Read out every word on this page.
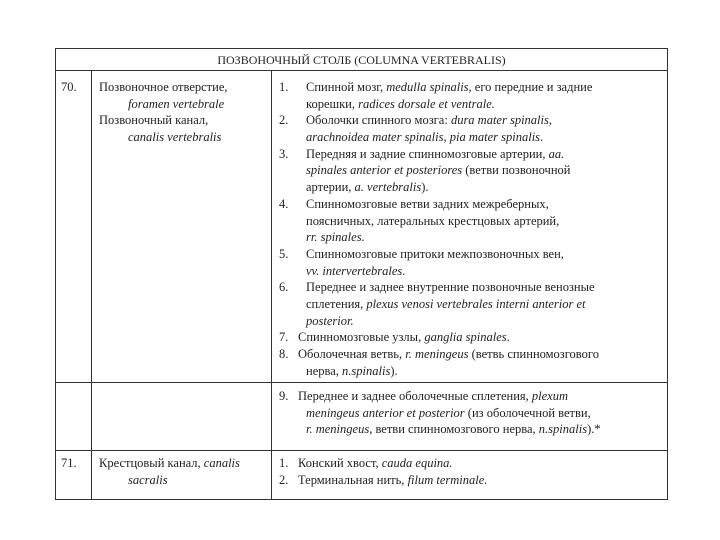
ПОЗВОНОЧНЫЙ СТОЛБ (COLUMNA VERTEBRALIS)
70. Позвоночное отверстие,
foramen vertebrale
Позвоночный канал,
canalis vertebralis
1. Спинной мозг, medulla spinalis, его передние и задние
корешки, radices dorsale et ventrale.
2. Оболочки спинного мозга: dura mater spinalis,
arachnoidea mater spinalis, pia mater spinalis.
3. Передняя и задние спинномозговые артерии, aa.
spinales anterior et posteriores (ветви позвоночной
артерии, a. vertebralis).
4. Спинномозговые ветви задних межреберных,
поясничных, латеральных крестцовых артерий,
rr. spinales.
5. Спинномозговые притоки межпозвоночных вен,
vv. intervertebrales.
6. Переднее и заднее внутренние позвоночные венозные
сплетения, plexus venosi vertebrales interni anterior et
posterior.
7. Спинномозговые узлы, ganglia spinales.
8. Оболочечная ветвь, r. meningeus (ветвь спинномозгового
нерва, n.spinalis).
9. Переднее и заднее оболочечные сплетения, plexum
meningeus anterior et posterior (из оболочечной ветви,
r. meningeus, ветви спинномозгового нерва, n.spinalis).*
71. Крестцовый канал, canalis
sacralis
1. Конский хвост, cauda equina.
2. Терминальная нить, filum terminale.
